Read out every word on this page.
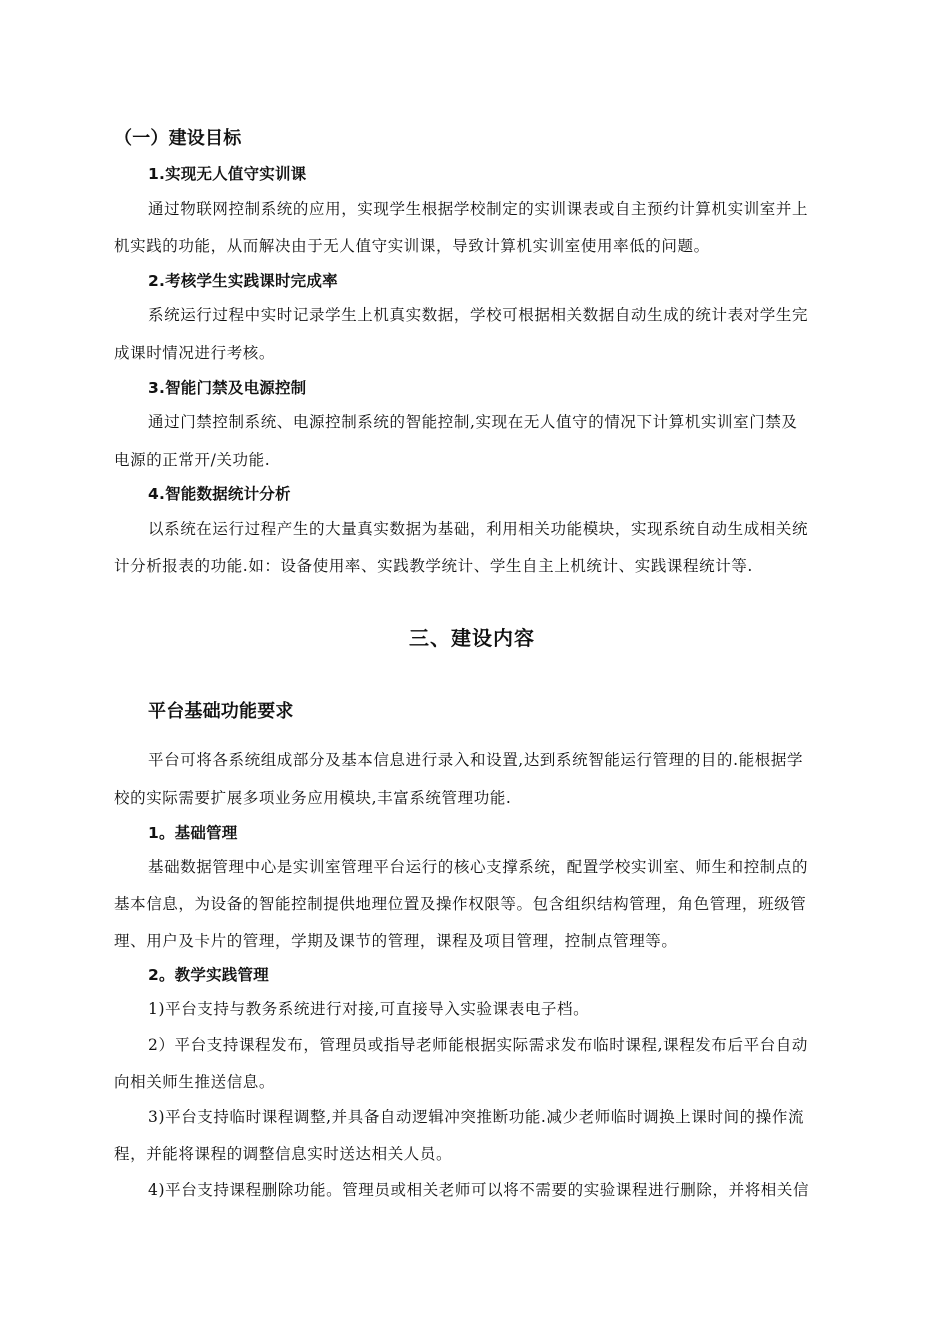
（一）建设目标

1.实现无人值守实训课

通过物联网控制系统的应用，实现学生根据学校制定的实训课表或自主预约计算机实训室并上

机实践的功能，从而解决由于无人值守实训课，导致计算机实训室使用率低的问题。

2.考核学生实践课时完成率

系统运行过程中实时记录学生上机真实数据，学校可根据相关数据自动生成的统计表对学生完

成课时情况进行考核。

3.智能门禁及电源控制

通过门禁控制系统、电源控制系统的智能控制,实现在无人值守的情况下计算机实训室门禁及

电源的正常开/关功能.

4.智能数据统计分析

以系统在运行过程产生的大量真实数据为基础，利用相关功能模块，实现系统自动生成相关统

计分析报表的功能.如：设备使用率、实践教学统计、学生自主上机统计、实践课程统计等.

三、建设内容

平台基础功能要求

平台可将各系统组成部分及基本信息进行录入和设置,达到系统智能运行管理的目的.能根据学

校的实际需要扩展多项业务应用模块,丰富系统管理功能.

1。基础管理

基础数据管理中心是实训室管理平台运行的核心支撑系统，配置学校实训室、师生和控制点的

基本信息，为设备的智能控制提供地理位置及操作权限等。包含组织结构管理，角色管理，班级管

理、用户及卡片的管理，学期及课节的管理，课程及项目管理，控制点管理等。

2。教学实践管理

1)平台支持与教务系统进行对接,可直接导入实验课表电子档。

2）平台支持课程发布，管理员或指导老师能根据实际需求发布临时课程,课程发布后平台自动

向相关师生推送信息。

3)平台支持临时课程调整,并具备自动逻辑冲突推断功能.减少老师临时调换上课时间的操作流

程，并能将课程的调整信息实时送达相关人员。

4)平台支持课程删除功能。管理员或相关老师可以将不需要的实验课程进行删除，并将相关信
